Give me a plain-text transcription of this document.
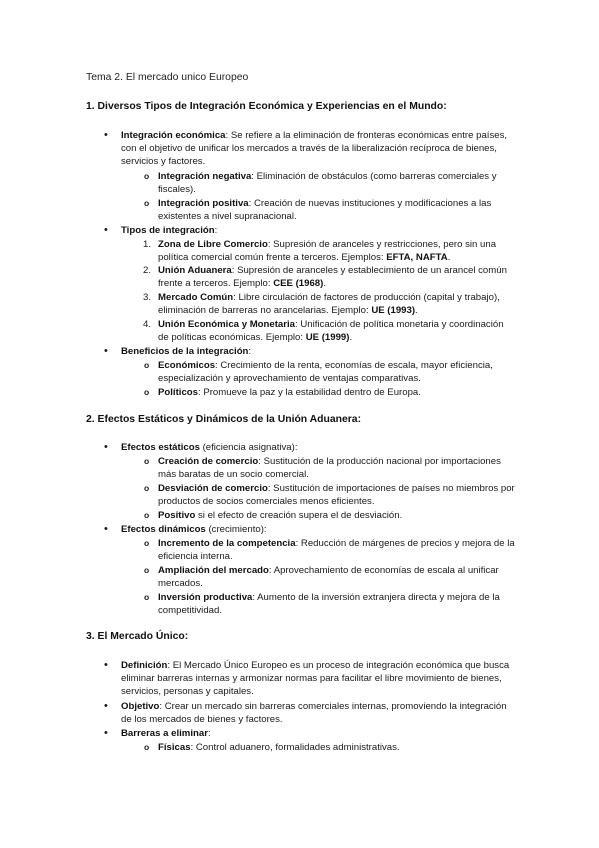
Tema 2. El mercado unico Europeo
1. Diversos Tipos de Integración Económica y Experiencias en el Mundo:
•
Integración económica: Se refiere a la eliminación de fronteras económicas entre países, con el objetivo de unificar los mercados a través de la liberalización recíproca de bienes, servicios y factores.
o
Integración negativa: Eliminación de obstáculos (como barreras comerciales y fiscales).
o
Integración positiva: Creación de nuevas instituciones y modificaciones a las existentes a nivel supranacional.
•
Tipos de integración:
1. Zona de Libre Comercio: Supresión de aranceles y restricciones, pero sin una política comercial común frente a terceros. Ejemplos: EFTA, NAFTA.
2. Unión Aduanera: Supresión de aranceles y establecimiento de un arancel común frente a terceros. Ejemplo: CEE (1968).
3. Mercado Común: Libre circulación de factores de producción (capital y trabajo), eliminación de barreras no arancelarias. Ejemplo: UE (1993).
4. Unión Económica y Monetaria: Unificación de política monetaria y coordinación de políticas económicas. Ejemplo: UE (1999).
•
Beneficios de la integración:
o
Económicos: Crecimiento de la renta, economías de escala, mayor eficiencia, especialización y aprovechamiento de ventajas comparativas.
o
Políticos: Promueve la paz y la estabilidad dentro de Europa.
2. Efectos Estáticos y Dinámicos de la Unión Aduanera:
•
Efectos estáticos (eficiencia asignativa):
o
Creación de comercio: Sustitución de la producción nacional por importaciones más baratas de un socio comercial.
o
Desviación de comercio: Sustitución de importaciones de países no miembros por productos de socios comerciales menos eficientes.
o
Positivo si el efecto de creación supera el de desviación.
•
Efectos dinámicos (crecimiento):
o
Incremento de la competencia: Reducción de márgenes de precios y mejora de la eficiencia interna.
o
Ampliación del mercado: Aprovechamiento de economías de escala al unificar mercados.
o
Inversión productiva: Aumento de la inversión extranjera directa y mejora de la competitividad.
3. El Mercado Único:
•
Definición: El Mercado Único Europeo es un proceso de integración económica que busca eliminar barreras internas y armonizar normas para facilitar el libre movimiento de bienes, servicios, personas y capitales.
•
Objetivo: Crear un mercado sin barreras comerciales internas, promoviendo la integración de los mercados de bienes y factores.
•
Barreras a eliminar:
o
Físicas: Control aduanero, formalidades administrativas.
